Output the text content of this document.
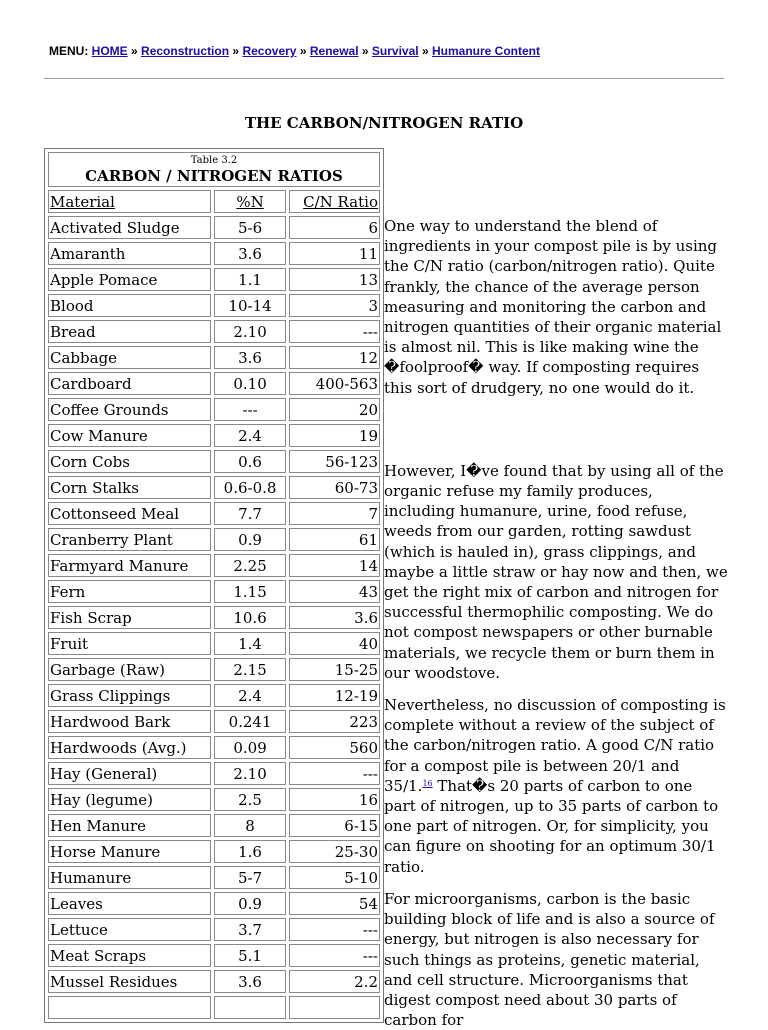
MENU: HOME » Reconstruction » Recovery » Renewal » Survival » Humanure Content
THE CARBON/NITROGEN RATIO
Table 3.2
CARBON / NITROGEN RATIOS		

Material	%N	C/N Ratio
Activated Sludge	5-6	6
Amaranth	3.6	11
Apple Pomace	1.1	13
Blood	10-14	3
Bread	2.10	---
Cabbage	3.6	12
Cardboard	0.10	400-563
Coffee Grounds	---	20
Cow Manure	2.4	19
Corn Cobs	0.6	56-123
Corn Stalks	0.6-0.8	60-73
Cottonseed Meal	7.7	7
Cranberry Plant	0.9	61
Farmyard Manure	2.25	14
Fern	1.15	43
Fish Scrap	10.6	3.6
Fruit	1.4	40
Garbage (Raw)	2.15	15-25
Grass Clippings	2.4	12-19
Hardwood Bark	0.241	223
Hardwoods (Avg.)	0.09	560
Hay (General)	2.10	---
Hay (legume)	2.5	16
Hen Manure	8	6-15
Horse Manure	1.6	25-30
Humanure	5-7	5-10
Leaves	0.9	54
Lettuce	3.7	---
Meat Scraps	5.1	---
Mussel Residues	3.6	2.2

One way to understand the blend of ingredients in your compost pile is by using the C/N ratio (carbon/nitrogen ratio). Quite frankly, the chance of the average person measuring and monitoring the carbon and nitrogen quantities of their organic material is almost nil. This is like making wine the �foolproof� way. If composting requires this sort of drudgery, no one would do it.

However, I�ve found that by using all of the organic refuse my family produces, including humanure, urine, food refuse, weeds from our garden, rotting sawdust (which is hauled in), grass clippings, and maybe a little straw or hay now and then, we get the right mix of carbon and nitrogen for successful thermophilic composting. We do not compost newspapers or other burnable materials, we recycle them or burn them in our woodstove.

Nevertheless, no discussion of composting is complete without a review of the subject of the carbon/nitrogen ratio. A good C/N ratio for a compost pile is between 20/1 and 35/1.16 That�s 20 parts of carbon to one part of nitrogen, up to 35 parts of carbon to one part of nitrogen. Or, for simplicity, you can figure on shooting for an optimum 30/1 ratio.

For microorganisms, carbon is the basic building block of life and is also a source of energy, but nitrogen is also necessary for such things as proteins, genetic material, and cell structure. Microorganisms that digest compost need about 30 parts of carbon for
